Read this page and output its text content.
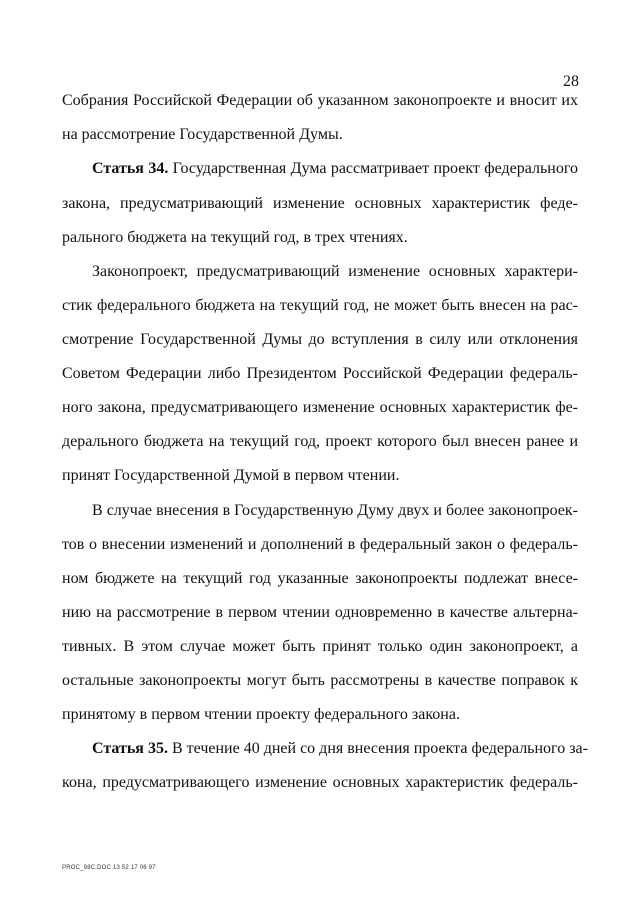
28
Собрания Российской Федерации об указанном законопроекте и вносит их
на рассмотрение Государственной Думы.
Статья 34. Государственная Дума рассматривает проект федерального
закона, предусматривающий изменение основных характеристик феде-
рального бюджета на текущий год, в трех чтениях.
Законопроект, предусматривающий изменение основных характери-
стик федерального бюджета на текущий год, не может быть внесен на рас-
смотрение Государственной Думы до вступления в силу или отклонения
Советом Федерации либо Президентом Российской Федерации федераль-
ного закона, предусматривающего изменение основных характеристик фе-
дерального бюджета на текущий год, проект которого был внесен ранее и
принят Государственной Думой в первом чтении.
В случае внесения в Государственную Думу двух и более законопроек-
тов о внесении изменений и дополнений в федеральный закон о федераль-
ном бюджете на текущий год указанные законопроекты подлежат внесе-
нию на рассмотрение в первом чтении одновременно в качестве альтерна-
тивных. В этом случае может быть принят только один законопроект, а
остальные законопроекты могут быть рассмотрены в качестве поправок к
принятому в первом чтении проекту федерального закона.
Статья 35. В течение 40 дней со дня внесения проекта федерального за-
кона, предусматривающего изменение основных характеристик федераль-
PROC_98C.DOC 13 52 17 06 97
